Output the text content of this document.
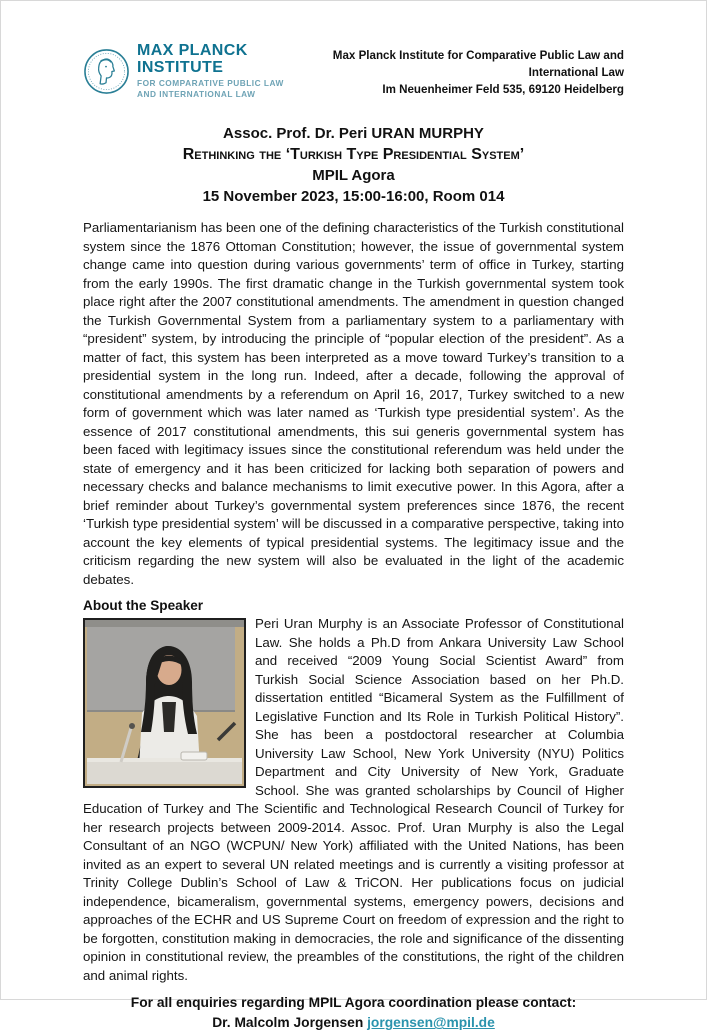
MAX PLANCK INSTITUTE
FOR COMPARATIVE PUBLIC LAW
AND INTERNATIONAL LAW
Max Planck Institute for Comparative Public Law and International Law
Im Neuenheimer Feld 535, 69120 Heidelberg
Assoc. Prof. Dr. Peri URAN MURPHY
Rethinking the ‘Turkish Type Presidential System’
MPIL Agora
15 November 2023, 15:00-16:00, Room 014

Parliamentarianism has been one of the defining characteristics of the Turkish constitutional system since the 1876 Ottoman Constitution; however, the issue of governmental system change came into question during various governments’ term of office in Turkey, starting from the early 1990s. The first dramatic change in the Turkish governmental system took place right after the 2007 constitutional amendments. The amendment in question changed the Turkish Governmental System from a parliamentary system to a parliamentary with “president” system, by introducing the principle of “popular election of the president”. As a matter of fact, this system has been interpreted as a move toward Turkey’s transition to a presidential system in the long run. Indeed, after a decade, following the approval of constitutional amendments by a referendum on April 16, 2017, Turkey switched to a new form of government which was later named as ‘Turkish type presidential system’. As the essence of 2017 constitutional amendments, this sui generis governmental system has been faced with legitimacy issues since the constitutional referendum was held under the state of emergency and it has been criticized for lacking both separation of powers and necessary checks and balance mechanisms to limit executive power. In this Agora, after a brief reminder about Turkey’s governmental system preferences since 1876, the recent ‘Turkish type presidential system’ will be discussed in a comparative perspective, taking into account the key elements of typical presidential systems. The legitimacy issue and the criticism regarding the new system will also be evaluated in the light of the academic debates.

About the Speaker
Peri Uran Murphy is an Associate Professor of Constitutional Law. She holds a Ph.D from Ankara University Law School and received “2009 Young Social Scientist Award” from Turkish Social Science Association based on her Ph.D. dissertation entitled “Bicameral System as the Fulfillment of Legislative Function and Its Role in Turkish Political History”. She has been a postdoctoral researcher at Columbia University Law School, New York University (NYU) Politics Department and City University of New York, Graduate School. She was granted scholarships by Council of Higher Education of Turkey and The Scientific and Technological Research Council of Turkey for her research projects between 2009-2014. Assoc. Prof. Uran Murphy is also the Legal Consultant of an NGO (WCPUN/ New York) affiliated with the United Nations, has been invited as an expert to several UN related meetings and is currently a visiting professor at Trinity College Dublin’s School of Law & TriCON. Her publications focus on judicial independence, bicameralism, governmental systems, emergency powers, decisions and approaches of the ECHR and US Supreme Court on freedom of expression and the right to be forgotten, constitution making in democracies, the role and significance of the dissenting opinion in constitutional review, the preambles of the constitutions, the right of the children and animal rights.
For all enquiries regarding MPIL Agora coordination please contact:
Dr. Malcolm Jorgensen jorgensen@mpil.de
